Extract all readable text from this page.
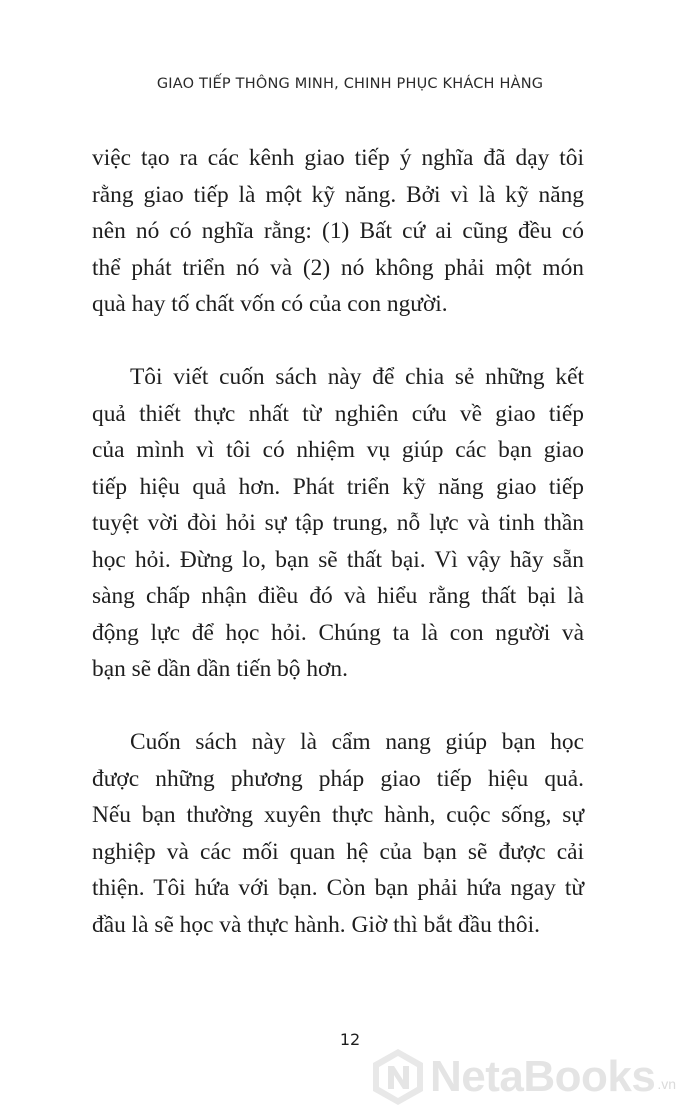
GIAO TIẾP THÔNG MINH, CHINH PHỤC KHÁCH HÀNG
việc tạo ra các kênh giao tiếp ý nghĩa đã dạy tôi
rằng giao tiếp là một kỹ năng. Bởi vì là kỹ năng
nên nó có nghĩa rằng: (1) Bất cứ ai cũng đều có
thể phát triển nó và (2) nó không phải một món
quà hay tố chất vốn có của con người.
Tôi viết cuốn sách này để chia sẻ những kết
quả thiết thực nhất từ nghiên cứu về giao tiếp
của mình vì tôi có nhiệm vụ giúp các bạn giao
tiếp hiệu quả hơn. Phát triển kỹ năng giao tiếp
tuyệt vời đòi hỏi sự tập trung, nỗ lực và tinh thần
học hỏi. Đừng lo, bạn sẽ thất bại. Vì vậy hãy sẵn
sàng chấp nhận điều đó và hiểu rằng thất bại là
động lực để học hỏi. Chúng ta là con người và
bạn sẽ dần dần tiến bộ hơn.
Cuốn sách này là cẩm nang giúp bạn học
được những phương pháp giao tiếp hiệu quả.
Nếu bạn thường xuyên thực hành, cuộc sống, sự
nghiệp và các mối quan hệ của bạn sẽ được cải
thiện. Tôi hứa với bạn. Còn bạn phải hứa ngay từ
đầu là sẽ học và thực hành. Giờ thì bắt đầu thôi.
12
NetaBooks .vn
